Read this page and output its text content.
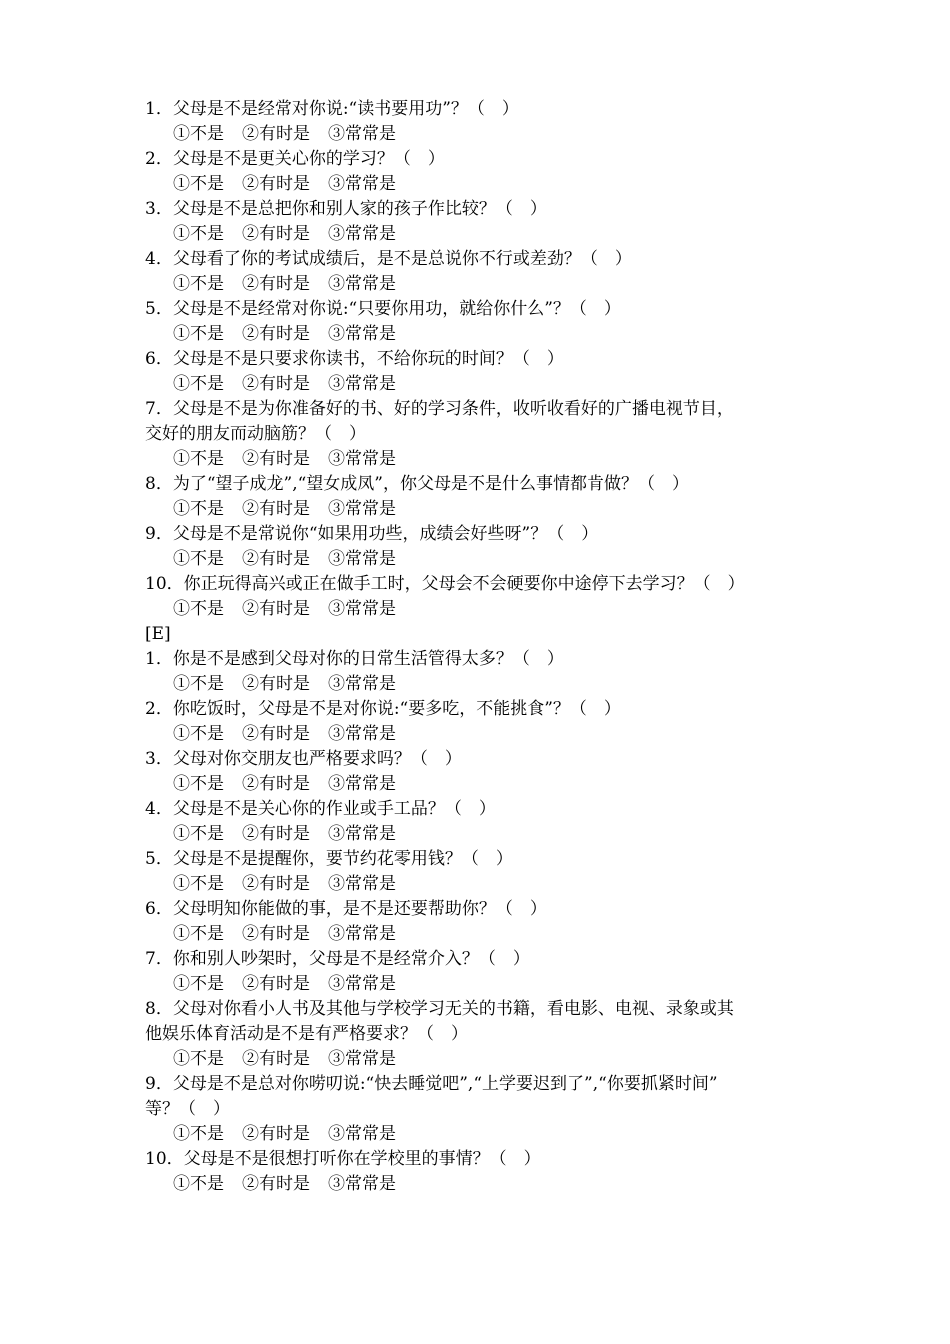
1．父母是不是经常对你说:“读书要用功”？（　）
①不是 ②有时是 ③常常是
2．父母是不是更关心你的学习？（　）
①不是 ②有时是 ③常常是
3．父母是不是总把你和别人家的孩子作比较？（　）
①不是 ②有时是 ③常常是
4．父母看了你的考试成绩后，是不是总说你不行或差劲？（　）
①不是 ②有时是 ③常常是
5．父母是不是经常对你说:“只要你用功，就给你什么”？（　）
①不是 ②有时是 ③常常是
6．父母是不是只要求你读书，不给你玩的时间？（　）
①不是 ②有时是 ③常常是
7．父母是不是为你准备好的书、好的学习条件，收听收看好的广播电视节目，
交好的朋友而动脑筋？（　）
①不是 ②有时是 ③常常是
8．为了“望子成龙”,“望女成凤”，你父母是不是什么事情都肯做？（　）
①不是 ②有时是 ③常常是
9．父母是不是常说你“如果用功些，成绩会好些呀”？（　）
①不是 ②有时是 ③常常是
10．你正玩得高兴或正在做手工时，父母会不会硬要你中途停下去学习？（　）
①不是 ②有时是 ③常常是
[E]
1．你是不是感到父母对你的日常生活管得太多？（　）
①不是 ②有时是 ③常常是
2．你吃饭时，父母是不是对你说:“要多吃，不能挑食”？（　）
①不是 ②有时是 ③常常是
3．父母对你交朋友也严格要求吗？（　）
①不是 ②有时是 ③常常是
4．父母是不是关心你的作业或手工品？（　）
①不是 ②有时是 ③常常是
5．父母是不是提醒你，要节约花零用钱？（　）
①不是 ②有时是 ③常常是
6．父母明知你能做的事，是不是还要帮助你？（　）
①不是 ②有时是 ③常常是
7．你和别人吵架时，父母是不是经常介入？（　）
①不是 ②有时是 ③常常是
8．父母对你看小人书及其他与学校学习无关的书籍，看电影、电视、录象或其
他娱乐体育活动是不是有严格要求？（　）
①不是 ②有时是 ③常常是
9．父母是不是总对你唠叨说:“快去睡觉吧”,“上学要迟到了”,“你要抓紧时间”
等？（　）
①不是 ②有时是 ③常常是
10．父母是不是很想打听你在学校里的事情？（　）
①不是 ②有时是 ③常常是
